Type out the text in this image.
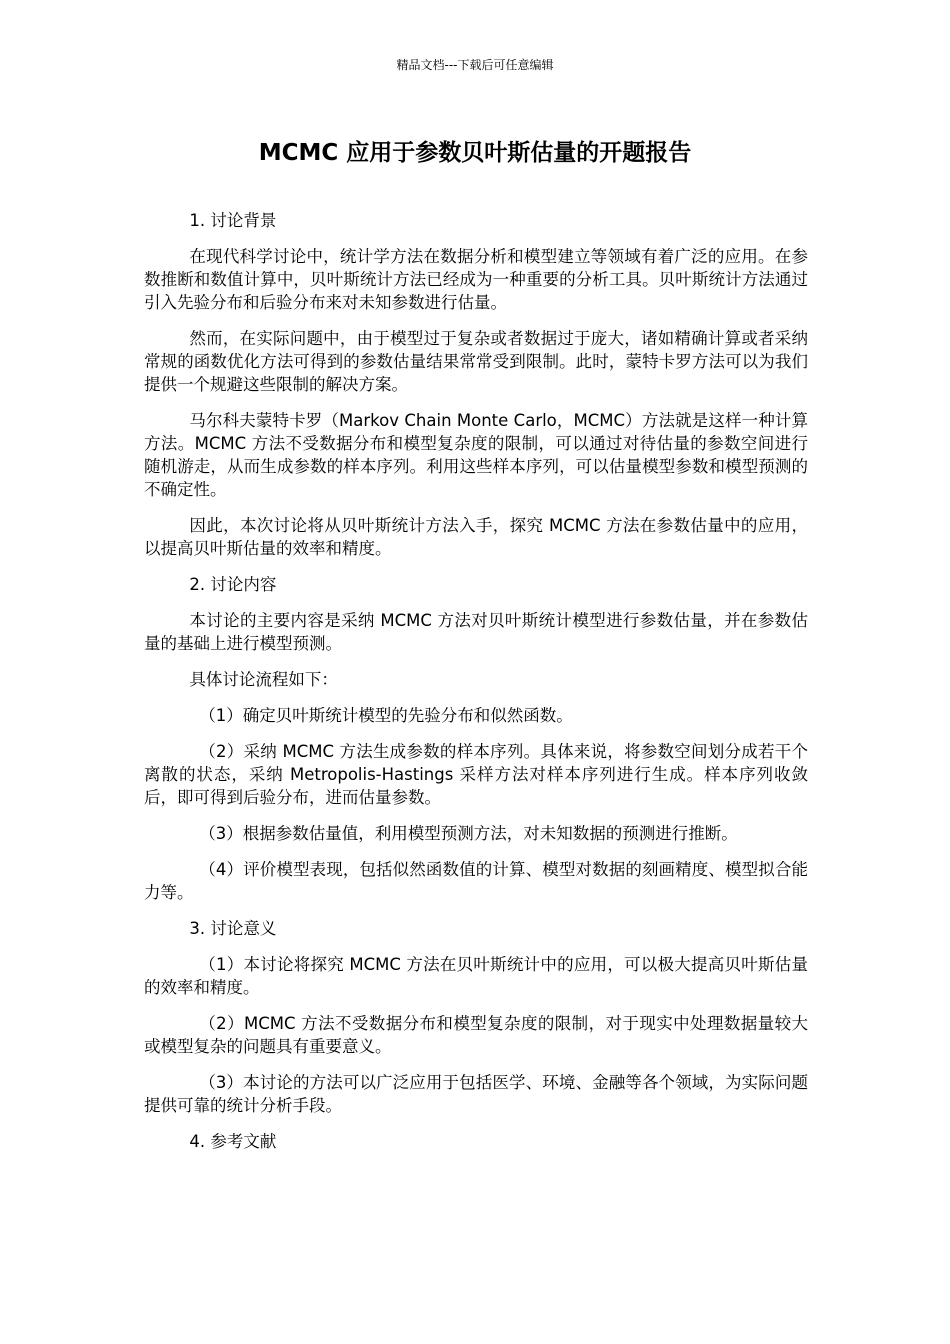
精品文档---下载后可任意编辑
MCMC 应用于参数贝叶斯估量的开题报告

1. 讨论背景

在现代科学讨论中，统计学方法在数据分析和模型建立等领域有着广泛的应用。在参数推断和数值计算中，贝叶斯统计方法已经成为一种重要的分析工具。贝叶斯统计方法通过引入先验分布和后验分布来对未知参数进行估量。

然而，在实际问题中，由于模型过于复杂或者数据过于庞大，诸如精确计算或者采纳常规的函数优化方法可得到的参数估量结果常常受到限制。此时，蒙特卡罗方法可以为我们提供一个规避这些限制的解决方案。

马尔科夫蒙特卡罗（Markov Chain Monte Carlo，MCMC）方法就是这样一种计算方法。MCMC 方法不受数据分布和模型复杂度的限制，可以通过对待估量的参数空间进行随机游走，从而生成参数的样本序列。利用这些样本序列，可以估量模型参数和模型预测的不确定性。

因此，本次讨论将从贝叶斯统计方法入手，探究 MCMC 方法在参数估量中的应用，以提高贝叶斯估量的效率和精度。

2. 讨论内容

本讨论的主要内容是采纳 MCMC 方法对贝叶斯统计模型进行参数估量，并在参数估量的基础上进行模型预测。

具体讨论流程如下：

（1）确定贝叶斯统计模型的先验分布和似然函数。

（2）采纳 MCMC 方法生成参数的样本序列。具体来说，将参数空间划分成若干个离散的状态，采纳 Metropolis-Hastings 采样方法对样本序列进行生成。样本序列收敛后，即可得到后验分布，进而估量参数。

（3）根据参数估量值，利用模型预测方法，对未知数据的预测进行推断。

（4）评价模型表现，包括似然函数值的计算、模型对数据的刻画精度、模型拟合能力等。

3. 讨论意义

（1）本讨论将探究 MCMC 方法在贝叶斯统计中的应用，可以极大提高贝叶斯估量的效率和精度。

（2）MCMC 方法不受数据分布和模型复杂度的限制，对于现实中处理数据量较大或模型复杂的问题具有重要意义。

（3）本讨论的方法可以广泛应用于包括医学、环境、金融等各个领域，为实际问题提供可靠的统计分析手段。

4. 参考文献
